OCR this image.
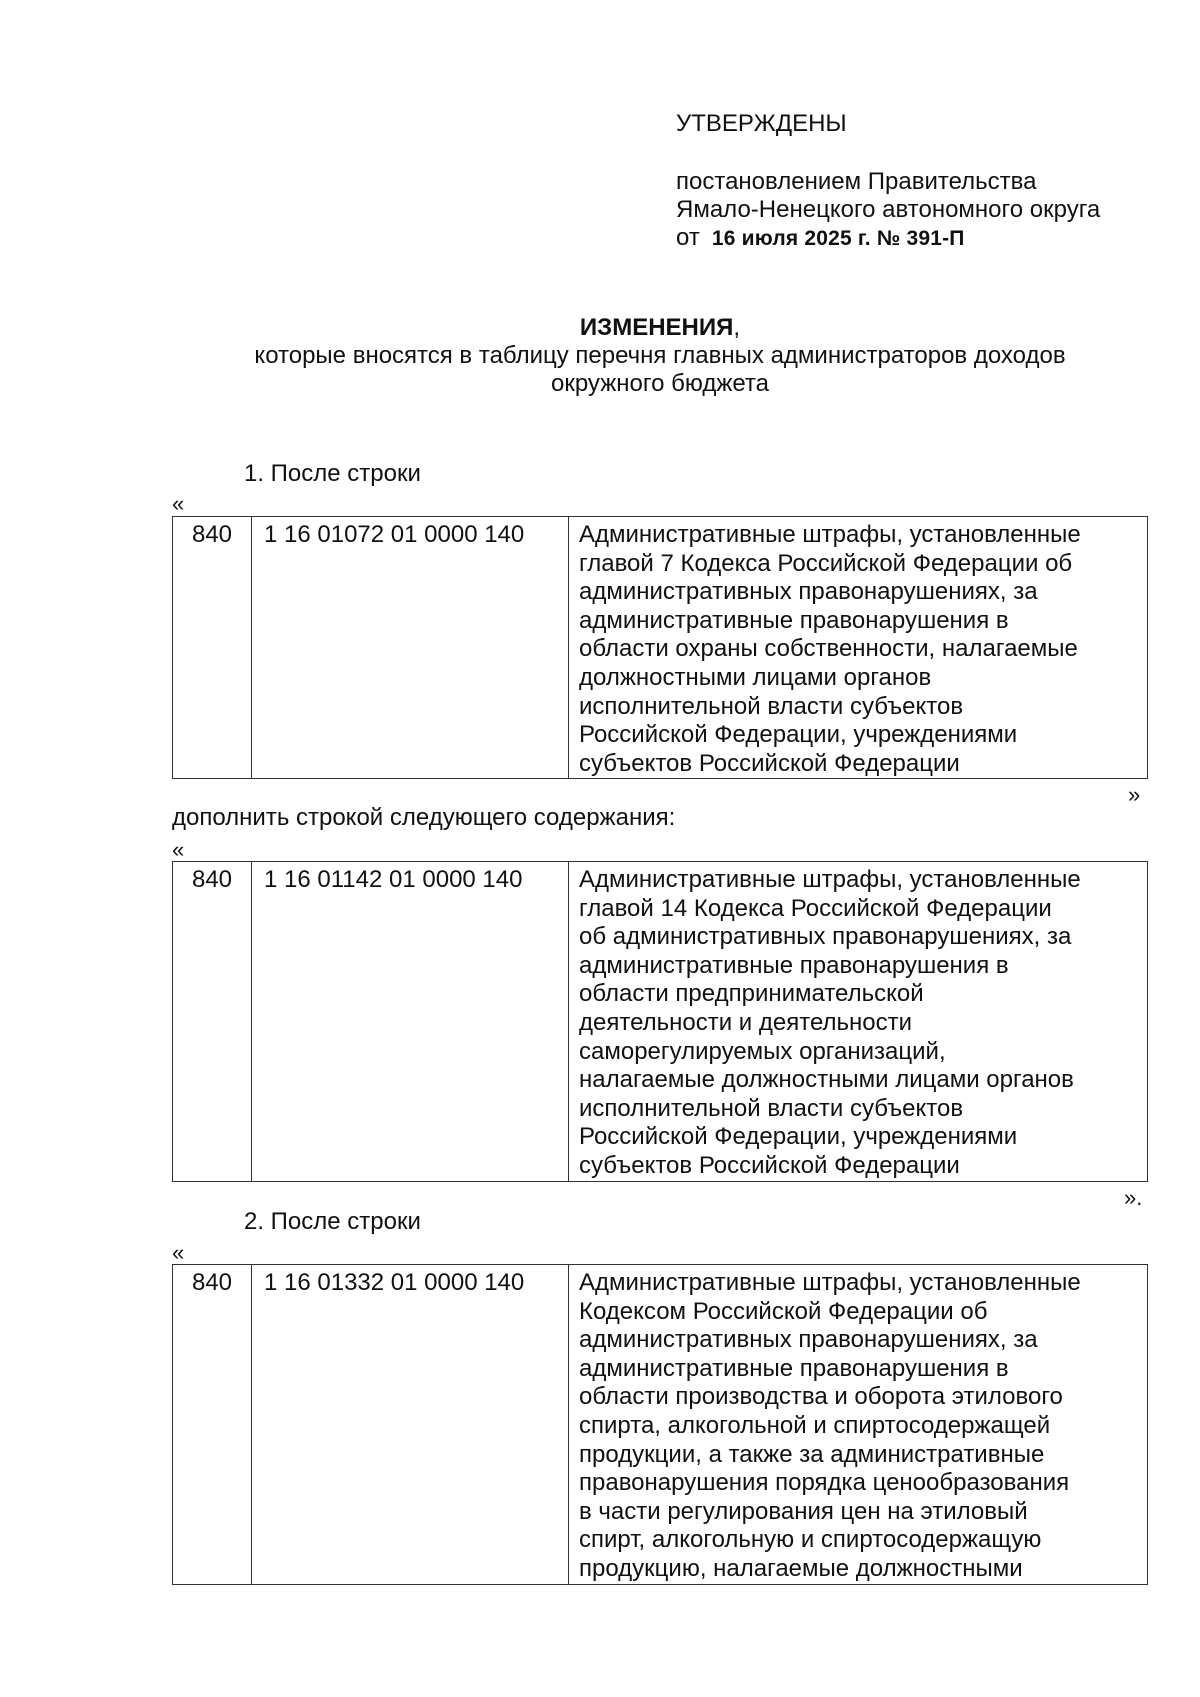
УТВЕРЖДЕНЫ
постановлением Правительства
Ямало-Ненецкого автономного округа
от 16 июля 2025 г. № 391-П
ИЗМЕНЕНИЯ,
которые вносятся в таблицу перечня главных администраторов доходов
окружного бюджета
1. После строки
«
840	1 16 01072 01 0000 140	Административные штрафы, установленные
главой 7 Кодекса Российской Федерации об
административных правонарушениях, за
административные правонарушения в
области охраны собственности, налагаемые
должностными лицами органов
исполнительной власти субъектов
Российской Федерации, учреждениями
субъектов Российской Федерации
»
дополнить строкой следующего содержания:
«
840	1 16 01142 01 0000 140	Административные штрафы, установленные
главой 14 Кодекса Российской Федерации
об административных правонарушениях, за
административные правонарушения в
области предпринимательской
деятельности и деятельности
саморегулируемых организаций,
налагаемые должностными лицами органов
исполнительной власти субъектов
Российской Федерации, учреждениями
субъектов Российской Федерации
».
2. После строки
«
840	1 16 01332 01 0000 140	Административные штрафы, установленные
Кодексом Российской Федерации об
административных правонарушениях, за
административные правонарушения в
области производства и оборота этилового
спирта, алкогольной и спиртосодержащей
продукции, а также за административные
правонарушения порядка ценообразования
в части регулирования цен на этиловый
спирт, алкогольную и спиртосодержащую
продукцию, налагаемые должностными
